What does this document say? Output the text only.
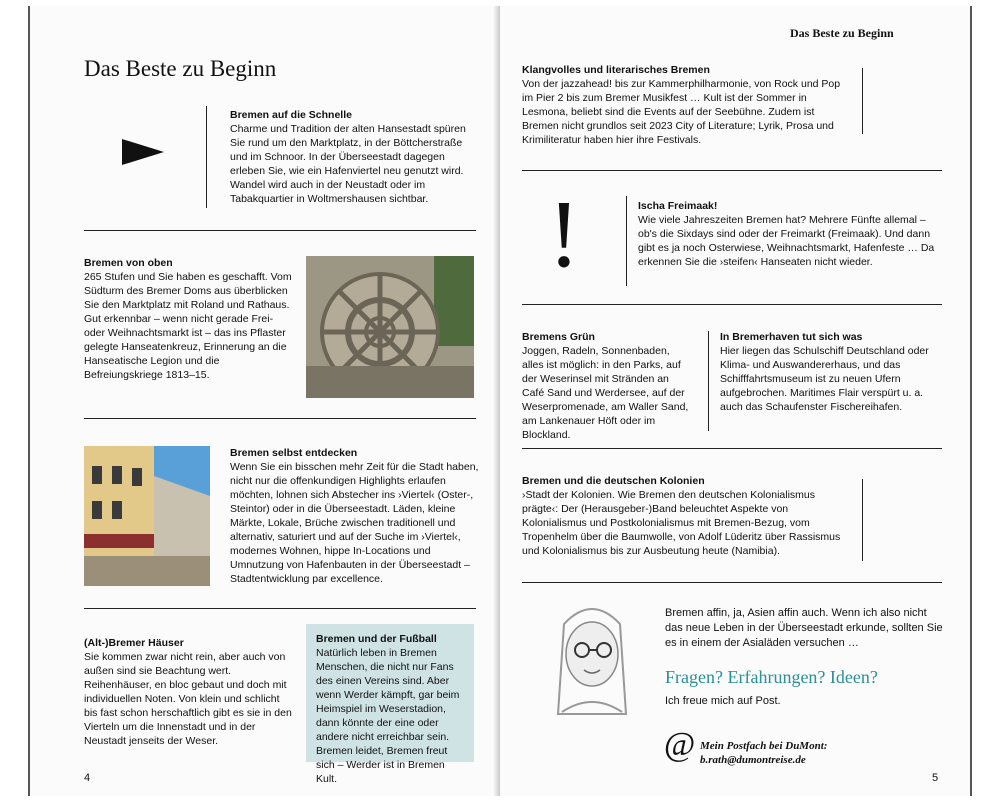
Das Beste zu Beginn
Bremen auf die Schnelle
Charme und Tradition der alten Hansestadt spüren Sie rund um den Marktplatz, in der Böttcherstraße und im Schnoor. In der Überseestadt dagegen erleben Sie, wie ein Hafenviertel neu genutzt wird. Wandel wird auch in der Neustadt oder im Tabakquartier in Woltmershausen sichtbar.
Bremen von oben
265 Stufen und Sie haben es geschafft. Vom Südturm des Bremer Doms aus überblicken Sie den Marktplatz mit Roland und Rathaus. Gut erkennbar – wenn nicht gerade Frei- oder Weihnachtsmarkt ist – das ins Pflaster gelegte Hanseatenkreuz, Erinnerung an die Hanseatische Legion und die Befreiungskriege 1813–15.
Bremen selbst entdecken
Wenn Sie ein bisschen mehr Zeit für die Stadt haben, nicht nur die offenkundigen Highlights erlaufen möchten, lohnen sich Abstecher ins ›Viertel‹ (Oster-, Steintor) oder in die Überseestadt. Läden, kleine Märkte, Lokale, Brüche zwischen traditionell und alternativ, saturiert und auf der Suche im ›Viertel‹, modernes Wohnen, hippe In-Locations und Umnutzung von Hafenbauten in der Überseestadt – Stadtentwicklung par excellence.
(Alt-)Bremer Häuser
Sie kommen zwar nicht rein, aber auch von außen sind sie Beachtung wert. Reihenhäuser, en bloc gebaut und doch mit individuellen Noten. Von klein und schlicht bis fast schon herschaftlich gibt es sie in den Vierteln um die Innenstadt und in der Neustadt jenseits der Weser.
Bremen und der Fußball
Natürlich leben in Bremen Menschen, die nicht nur Fans des einen Vereins sind. Aber wenn Werder kämpft, gar beim Heimspiel im Weserstadion, dann könnte der eine oder andere nicht erreichbar sein. Bremen leidet, Bremen freut sich – Werder ist in Bremen Kult.
4
Das Beste zu Beginn
Klangvolles und literarisches Bremen
Von der jazzahead! bis zur Kammerphilharmonie, von Rock und Pop im Pier 2 bis zum Bremer Musikfest … Kult ist der Sommer in Lesmona, beliebt sind die Events auf der Seebühne. Zudem ist Bremen nicht grundlos seit 2023 City of Literature; Lyrik, Prosa und Krimiliteratur haben hier ihre Festivals.
!	Ischa Freimaak!
Wie viele Jahreszeiten Bremen hat? Mehrere Fünfte allemal – ob's die Sixdays sind oder der Freimarkt (Freimaak). Und dann gibt es ja noch Osterwiese, Weihnachtsmarkt, Hafenfeste … Da erkennen Sie die ›steifen‹ Hanseaten nicht wieder.
Bremens Grün
Joggen, Radeln, Sonnenbaden, alles ist möglich: in den Parks, auf der Weserinsel mit Stränden an Café Sand und Werdersee, auf der Weserpromenade, am Waller Sand, am Lankenauer Höft oder im Blockland.
In Bremerhaven tut sich was
Hier liegen das Schulschiff Deutschland oder Klima- und Auswandererhaus, und das Schifffahrtsmuseum ist zu neuen Ufern aufgebrochen. Maritimes Flair verspürt u. a. auch das Schaufenster Fischereihafen.
Bremen und die deutschen Kolonien
›Stadt der Kolonien. Wie Bremen den deutschen Kolonialismus prägte‹: Der (Herausgeber-)Band beleuchtet Aspekte von Kolonialismus und Postkolonialismus mit Bremen-Bezug, vom Tropenhelm über die Baumwolle, von Adolf Lüderitz über Rassismus und Kolonialismus bis zur Ausbeutung heute (Namibia).
Bremen affin, ja, Asien affin auch. Wenn ich also nicht das neue Leben in der Überseestadt erkunde, sollten Sie es in einem der Asialäden versuchen …
Fragen? Erfahrungen? Ideen?
Ich freue mich auf Post.
@ Mein Postfach bei DuMont:
b.rath@dumontreise.de
5
